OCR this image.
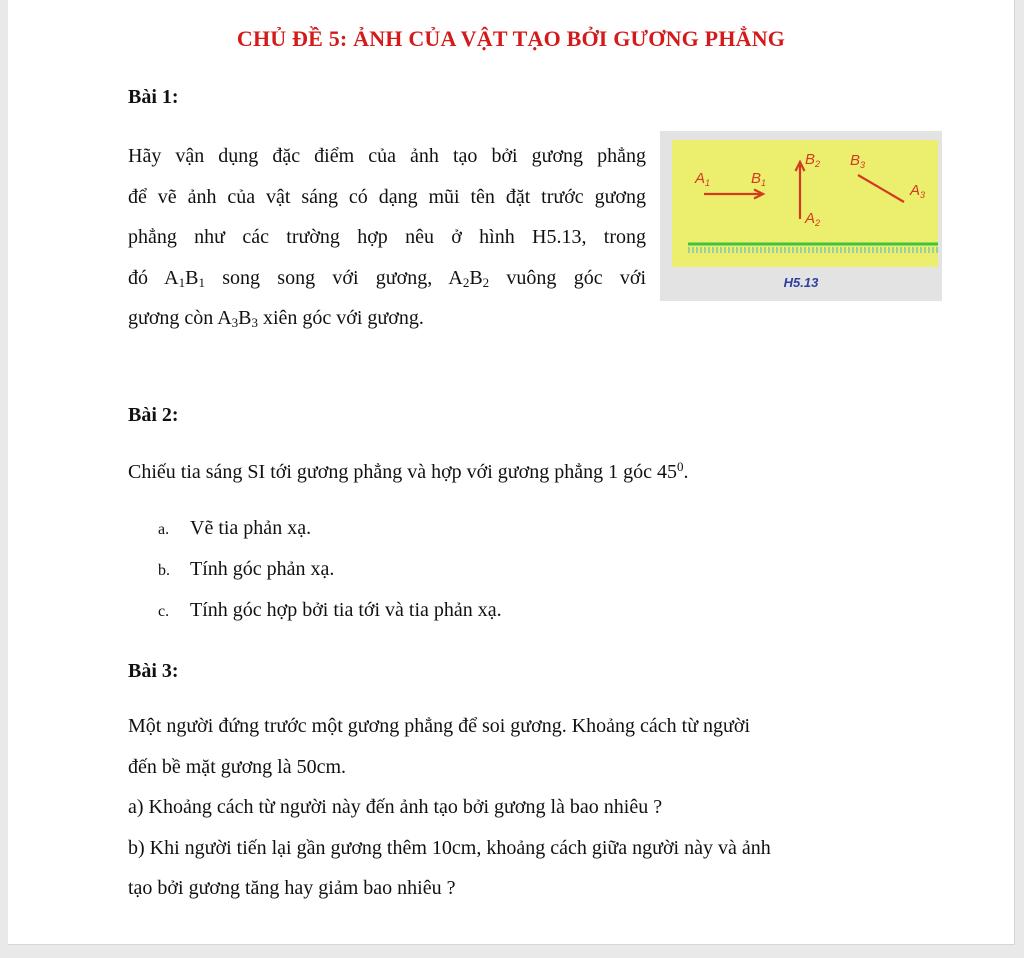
CHỦ ĐỀ 5: ẢNH CỦA VẬT TẠO BỞI GƯƠNG PHẲNG
Bài 1:
Hãy vận dụng đặc điểm của ảnh tạo bởi gương phẳng
để vẽ ảnh của vật sáng có dạng mũi tên đặt trước gương
phẳng như các trường hợp nêu ở hình H5.13, trong
đó $A_1B_1$ song song với gương, $A_2B_2$ vuông góc với
gương còn $A_3B_3$ xiên góc với gương.
$A_1$	$B_1$
$B_2$
$A_2$
$B_3$
$A_3$
H5.13
Bài 2:
Chiếu tia sáng SI tới gương phẳng và hợp với gương phẳng 1 góc $45^0$.
a. Vẽ tia phản xạ.
b. Tính góc phản xạ.
c. Tính góc hợp bởi tia tới và tia phản xạ.
Bài 3:
Một người đứng trước một gương phẳng để soi gương. Khoảng cách từ người
đến bề mặt gương là 50cm.
a) Khoảng cách từ người này đến ảnh tạo bởi gương là bao nhiêu ?
b) Khi người tiến lại gần gương thêm 10cm, khoảng cách giữa người này và ảnh
tạo bởi gương tăng hay giảm bao nhiêu ?
